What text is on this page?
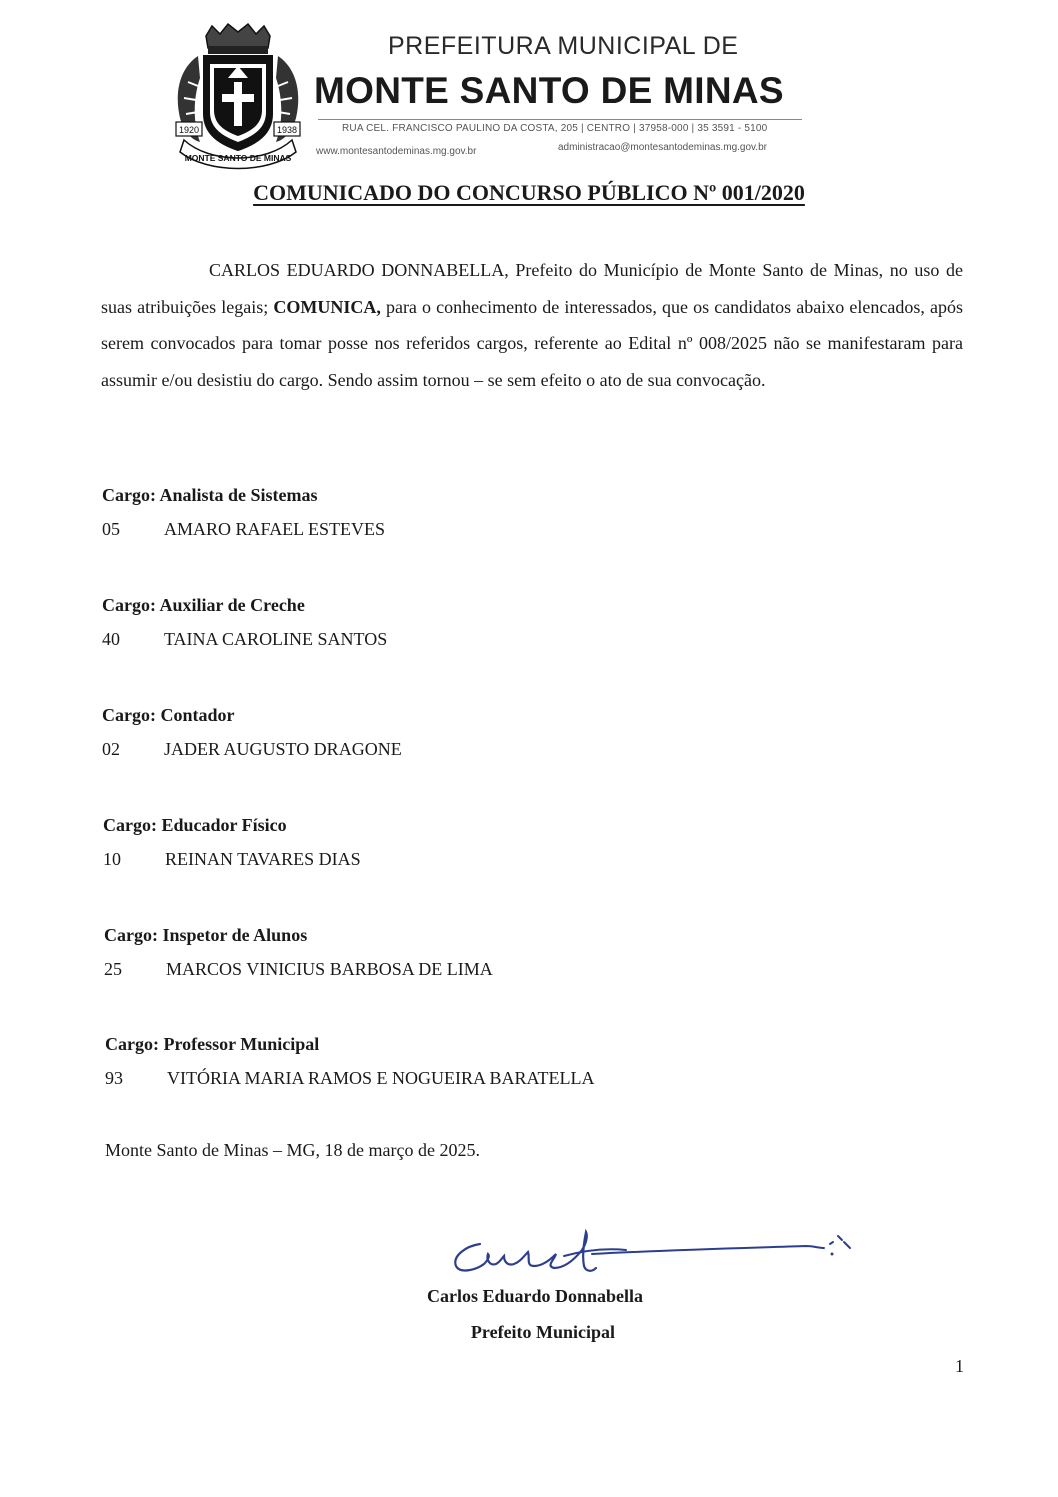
1920	1938
MONTE SANTO DE MINAS
PREFEITURA MUNICIPAL DE
MONTE SANTO DE MINAS
RUA CEL. FRANCISCO PAULINO DA COSTA, 205 | CENTRO | 37958-000 | 35 3591 - 5100
www.montesantodeminas.mg.gov.br	administracao@montesantodeminas.mg.gov.br
COMUNICADO DO CONCURSO PÚBLICO Nº 001/2020

CARLOS EDUARDO DONNABELLA, Prefeito do Município de Monte Santo de Minas, no uso de suas atribuições legais; COMUNICA, para o conhecimento de interessados, que os candidatos abaixo elencados, após serem convocados para tomar posse nos referidos cargos, referente ao Edital nº 008/2025 não se manifestaram para assumir e/ou desistiu do cargo. Sendo assim tornou – se sem efeito o ato de sua convocação.

Cargo: Analista de Sistemas
05 AMARO RAFAEL ESTEVES
Cargo: Auxiliar de Creche
40 TAINA CAROLINE SANTOS
Cargo: Contador
02 JADER AUGUSTO DRAGONE
Cargo: Educador Físico
10 REINAN TAVARES DIAS
Cargo: Inspetor de Alunos
25 MARCOS VINICIUS BARBOSA DE LIMA
Cargo: Professor Municipal
93 VITÓRIA MARIA RAMOS E NOGUEIRA BARATELLA

Monte Santo de Minas – MG, 18 de março de 2025.

Carlos Eduardo Donnabella

Prefeito Municipal

1
